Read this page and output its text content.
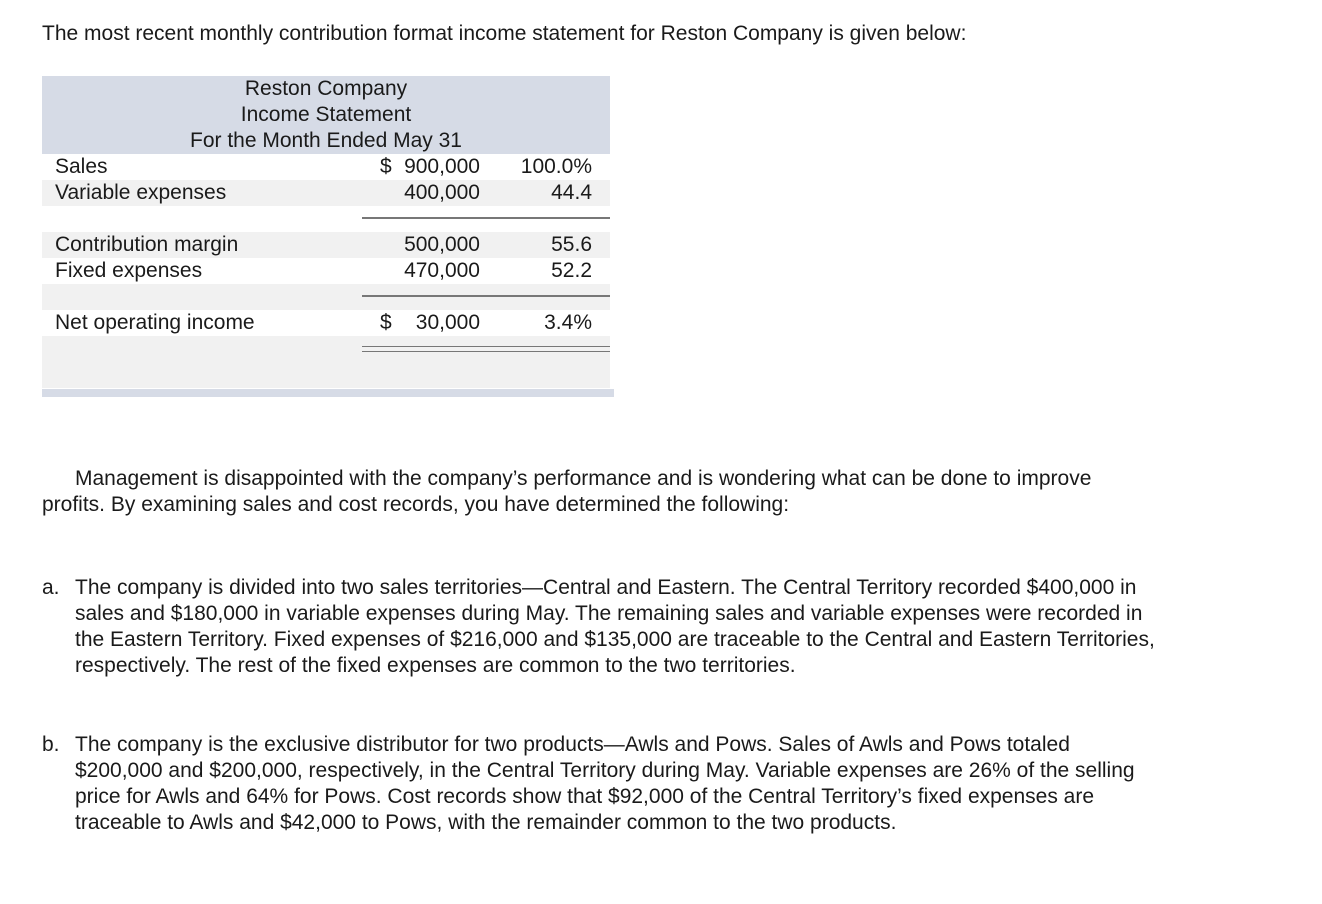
The most recent monthly contribution format income statement for Reston Company is given below:
Reston Company
Income Statement
For the Month Ended May 31
Sales	$ 900,000	100.0%
Variable expenses	400,000	44.4
Contribution margin	500,000	55.6
Fixed expenses	470,000	52.2
Net operating income	$	30,000	3.4%
Management is disappointed with the company’s performance and is wondering what can be done to improve profits. By examining sales and cost records, you have determined the following:
a. The company is divided into two sales territories—Central and Eastern. The Central Territory recorded $400,000 in sales and $180,000 in variable expenses during May. The remaining sales and variable expenses were recorded in the Eastern Territory. Fixed expenses of $216,000 and $135,000 are traceable to the Central and Eastern Territories, respectively. The rest of the fixed expenses are common to the two territories.
b. The company is the exclusive distributor for two products—Awls and Pows. Sales of Awls and Pows totaled $200,000 and $200,000, respectively, in the Central Territory during May. Variable expenses are 26% of the selling price for Awls and 64% for Pows. Cost records show that $92,000 of the Central Territory’s fixed expenses are traceable to Awls and $42,000 to Pows, with the remainder common to the two products.
